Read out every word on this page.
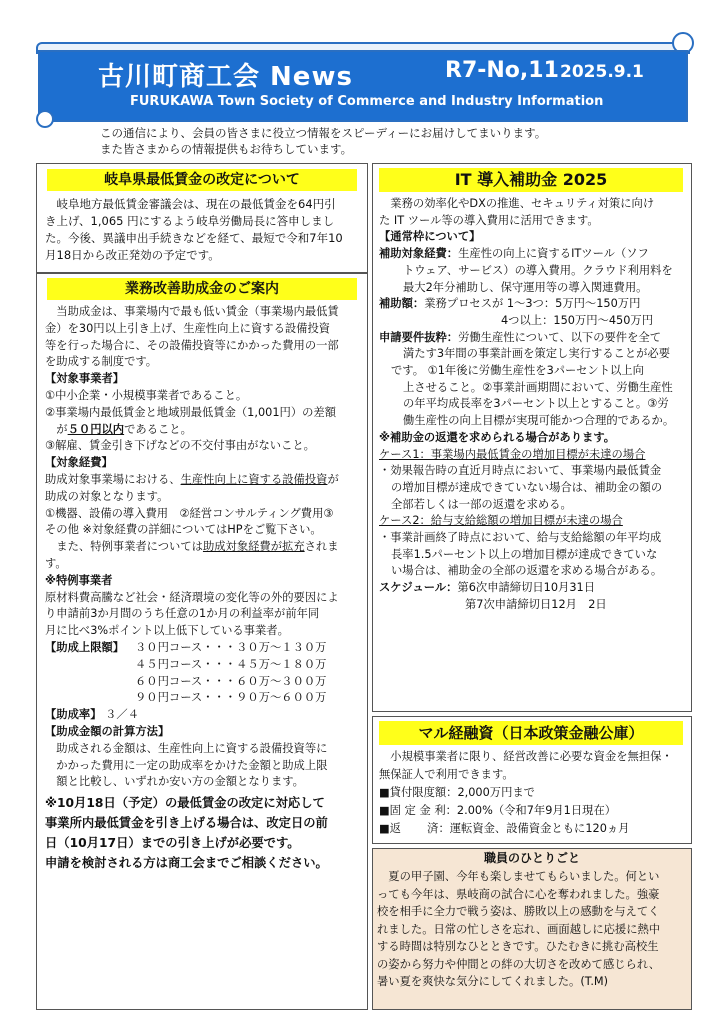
古川町商工会 News	R7-No,11 2025.9.1
FURUKAWA Town Society of Commerce and Industry Information

この通信により、会員の皆さまに役立つ情報をスピーディーにお届けしてまいります。

また皆さまからの情報提供もお待ちしています。

岐阜県最低賃金の改定について

　岐阜地方最低賃金審議会は、現在の最低賃金を64円引

き上げ、1,065 円にするよう岐阜労働局長に答申しまし

た。今後、異議申出手続きなどを経て、最短で令和7年10

月18日から改正発効の予定です。

業務改善助成金のご案内

　当助成金は、事業場内で最も低い賃金（事業場内最低賃

金）を30円以上引き上げ、生産性向上に資する設備投資

等を行った場合に、その設備投資等にかかった費用の一部

を助成する制度です。

【対象事業者】

①中小企業・小規模事業者であること。

②事業場内最低賃金と地域別最低賃金（1,001円）の差額

　が５０円以内であること。

③解雇、賃金引き下げなどの不交付事由がないこと。

【対象経費】

助成対象事業場における、生産性向上に資する設備投資が

助成の対象となります。

①機器、設備の導入費用　②経営コンサルティング費用③

その他 ※対象経費の詳細についてはHPをご覧下さい。

　また、特例事業者については助成対象経費が拡充されま

す。

※特例事業者

原材料費高騰など社会・経済環境の変化等の外的要因によ

り申請前3か月間のうち任意の1か月の利益率が前年同

月に比べ3%ポイント以上低下している事業者。

【助成上限額】 ３０円コース・・・３０万～１３０万

４５円コース・・・４５万～１８０万

６０円コース・・・６０万～３００万

９０円コース・・・９０万～６００万

【助成率】 ３／４

【助成金額の計算方法】

　助成される金額は、生産性向上に資する設備投資等に

　かかった費用に一定の助成率をかけた金額と助成上限

　額と比較し、いずれか安い方の金額となります。

※10月18日（予定）の最低賃金の改定に対応して

事業所内最低賃金を引き上げる場合は、改定日の前

日（10月17日）までの引き上げが必要です。

申請を検討される方は商工会までご相談ください。

IT 導入補助金 2025

　業務の効率化やDXの推進、セキュリティ対策に向け

た IT ツール等の導入費用に活用できます。

【通常枠について】

補助対象経費：生産性の向上に資するITツール（ソフ

トウェア、サービス）の導入費用。クラウド利用料を

最大2年分補助し、保守運用等の導入関連費用。

補助額：業務プロセスが 1～3つ：5万円～150万円

4つ以上：150万円～450万円

申請要件抜粋：労働生産性について、以下の要件を全て

満たす3年間の事業計画を策定し実行することが必要

です。 ①1年後に労働生産性を3パーセント以上向

上させること。②事業計画期間において、労働生産性

の年平均成長率を3パーセント以上とすること。③労

働生産性の向上目標が実現可能かつ合理的であるか。

※補助金の返還を求められる場合があります。

ケース1：事業場内最低賃金の増加目標が未達の場合

・効果報告時の直近月時点において、事業場内最低賃金

の増加目標が達成できていない場合は、補助金の額の

全部若しくは一部の返還を求める。

ケース2：給与支給総額の増加目標が未達の場合

・事業計画終了時点において、給与支給総額の年平均成

長率1.5パーセント以上の増加目標が達成できていな

い場合は、補助金の全部の返還を求める場合がある。

スケジュール：第6次申請締切日10月31日

第7次申請締切日12月　2日

マル経融資（日本政策金融公庫）

　小規模事業者に限り、経営改善に必要な資金を無担保・

無保証人で利用できます。

■貸付限度額：2,000万円まで

■固 定 金 利：2.00%（令和7年9月1日現在）

■返　　 済：運転資金、設備資金ともに120ヵ月

職員のひとりごと

　夏の甲子園、今年も楽しませてもらいました。何とい

っても今年は、県岐商の試合に心を奪われました。強豪

校を相手に全力で戦う姿は、勝敗以上の感動を与えてく

れました。日常の忙しさを忘れ、画面越しに応援に熱中

する時間は特別なひとときです。ひたむきに挑む高校生

の姿から努力や仲間との絆の大切さを改めて感じられ、

暑い夏を爽快な気分にしてくれました。(T.M)
